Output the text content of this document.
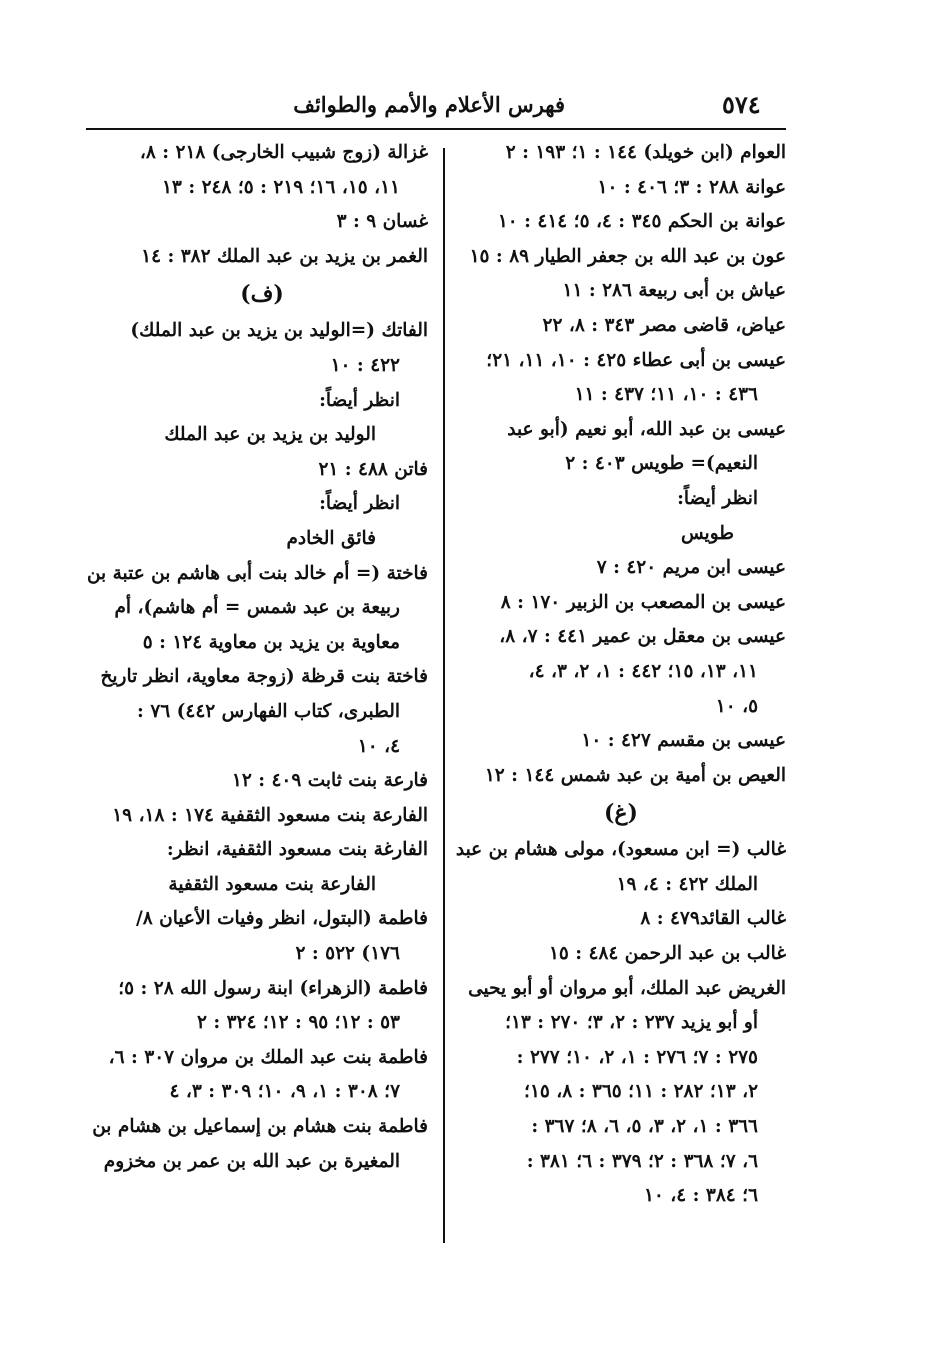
فهرس الأعلام والأمم والطوائف	٥٧٤
العوام (ابن خويلد) ١٤٤ : ١؛ ١٩٣ : ٢
عوانة ٢٨٨ : ٣؛ ٤٠٦ : ١٠
عوانة بن الحكم ٣٤٥ : ٤، ٥؛ ٤١٤ : ١٠
عون بن عبد الله بن جعفر الطيار ٨٩ : ١٥
عياش بن أبى ربيعة ٢٨٦ : ١١
عياض، قاضى مصر ٣٤٣ : ٨، ٢٢
عيسى بن أبى عطاء ٤٢٥ : ١٠، ١١، ٢١؛
٤٣٦ : ١٠، ١١؛ ٤٣٧ : ١١
عيسى بن عبد الله، أبو نعيم (أبو عبد
النعيم)= طويس ٤٠٣ : ٢
انظر أيضاً:
طويس
عيسى ابن مريم ٤٢٠ : ٧
عيسى بن المصعب بن الزبير ١٧٠ : ٨
عيسى بن معقل بن عمير ٤٤١ : ٧، ٨،
١١، ١٣، ١٥؛ ٤٤٢ : ١، ٢، ٣، ٤،
٥، ١٠
عيسى بن مقسم ٤٢٧ : ١٠
العيص بن أمية بن عبد شمس ١٤٤ : ١٢
(غ)
غالب (= ابن مسعود)، مولى هشام بن عبد
الملك ٤٢٢ : ٤، ١٩
غالب القائد٤٧٩ : ٨
غالب بن عبد الرحمن ٤٨٤ : ١٥
الغريض عبد الملك، أبو مروان أو أبو يحيى
أو أبو يزيد ٢٣٧ : ٢، ٣؛ ٢٧٠ : ١٣؛
٢٧٥ : ٧؛ ٢٧٦ : ١، ٢، ١٠؛ ٢٧٧ :
٢، ١٣؛ ٢٨٢ : ١١؛ ٣٦٥ : ٨، ١٥؛
٣٦٦ : ١، ٢، ٣، ٥، ٦، ٨؛ ٣٦٧ :
٦، ٧؛ ٣٦٨ : ٢؛ ٣٧٩ : ٦؛ ٣٨١ :
٦؛ ٣٨٤ : ٤، ١٠
غزالة (زوج شبيب الخارجى) ٢١٨ : ٨،
١١، ١٥، ١٦؛ ٢١٩ : ٥؛ ٢٤٨ : ١٣
غسان ٩ : ٣
الغمر بن يزيد بن عبد الملك ٣٨٢ : ١٤
(ف)
الفاتك (=الوليد بن يزيد بن عبد الملك)
٤٢٢ : ١٠
انظر أيضاً:
الوليد بن يزيد بن عبد الملك
فاتن ٤٨٨ : ٢١
انظر أيضاً:
فائق الخادم
فاختة (= أم خالد بنت أبى هاشم بن عتبة بن
ربيعة بن عبد شمس = أم هاشم)، أم
معاوية بن يزيد بن معاوية ١٢٤ : ٥
فاختة بنت قرظة (زوجة معاوية، انظر تاريخ
الطبرى، كتاب الفهارس ٤٤٢) ٧٦ :
٤، ١٠
فارعة بنت ثابت ٤٠٩ : ١٢
الفارعة بنت مسعود الثقفية ١٧٤ : ١٨، ١٩
الفارغة بنت مسعود الثقفية، انظر:
الفارعة بنت مسعود الثقفية
فاطمة (البتول، انظر وفيات الأعيان ٨/
١٧٦) ٥٢٢ : ٢
فاطمة (الزهراء) ابنة رسول الله ٢٨ : ٥؛
٥٣ : ١٢؛ ٩٥ : ١٢؛ ٣٢٤ : ٢
فاطمة بنت عبد الملك بن مروان ٣٠٧ : ٦،
٧؛ ٣٠٨ : ١، ٩، ١٠؛ ٣٠٩ : ٣، ٤
فاطمة بنت هشام بن إسماعيل بن هشام بن
المغيرة بن عبد الله بن عمر بن مخزوم
